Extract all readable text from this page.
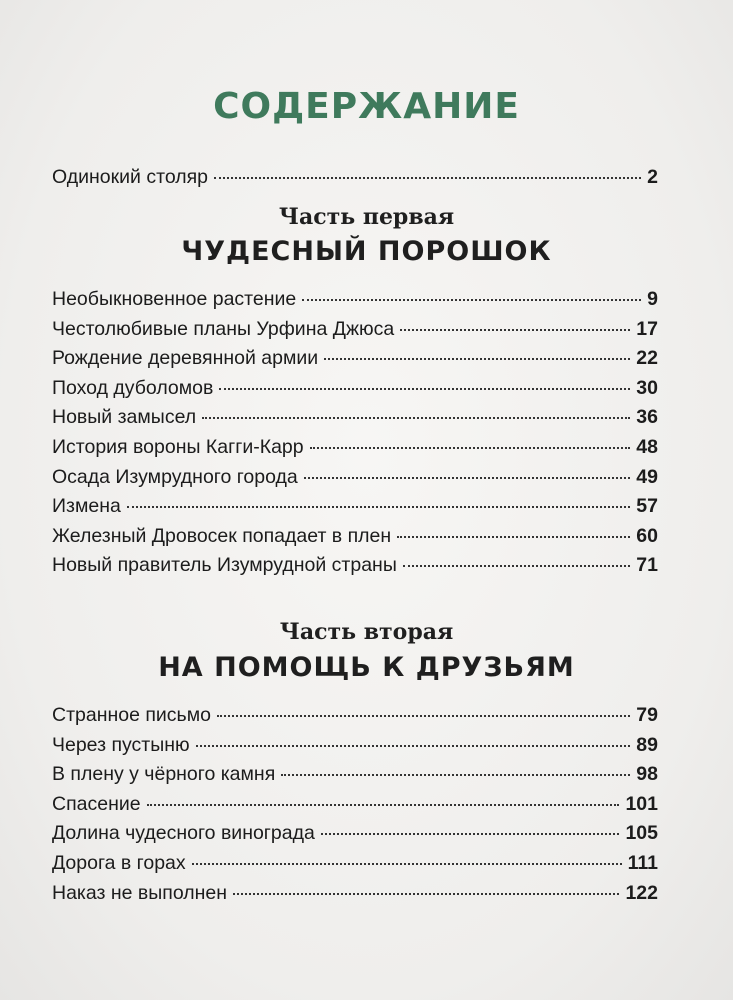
СОДЕРЖАНИЕ
Одинокий столяр	2
Часть первая
ЧУДЕСНЫЙ ПОРОШОК
Необыкновенное растение	9
Честолюбивые планы Урфина Джюса	17
Рождение деревянной армии	22
Поход дуболомов	30
Новый замысел	36
История вороны Кагги-Карр	48
Осада Изумрудного города	49
Измена	57
Железный Дровосек попадает в плен	60
Новый правитель Изумрудной страны	71
Часть вторая
НА ПОМОЩЬ К ДРУЗЬЯМ
Странное письмо	79
Через пустыню	89
В плену у чёрного камня	98
Спасение	101
Долина чудесного винограда	105
Дорога в горах	111
Наказ не выполнен	122
